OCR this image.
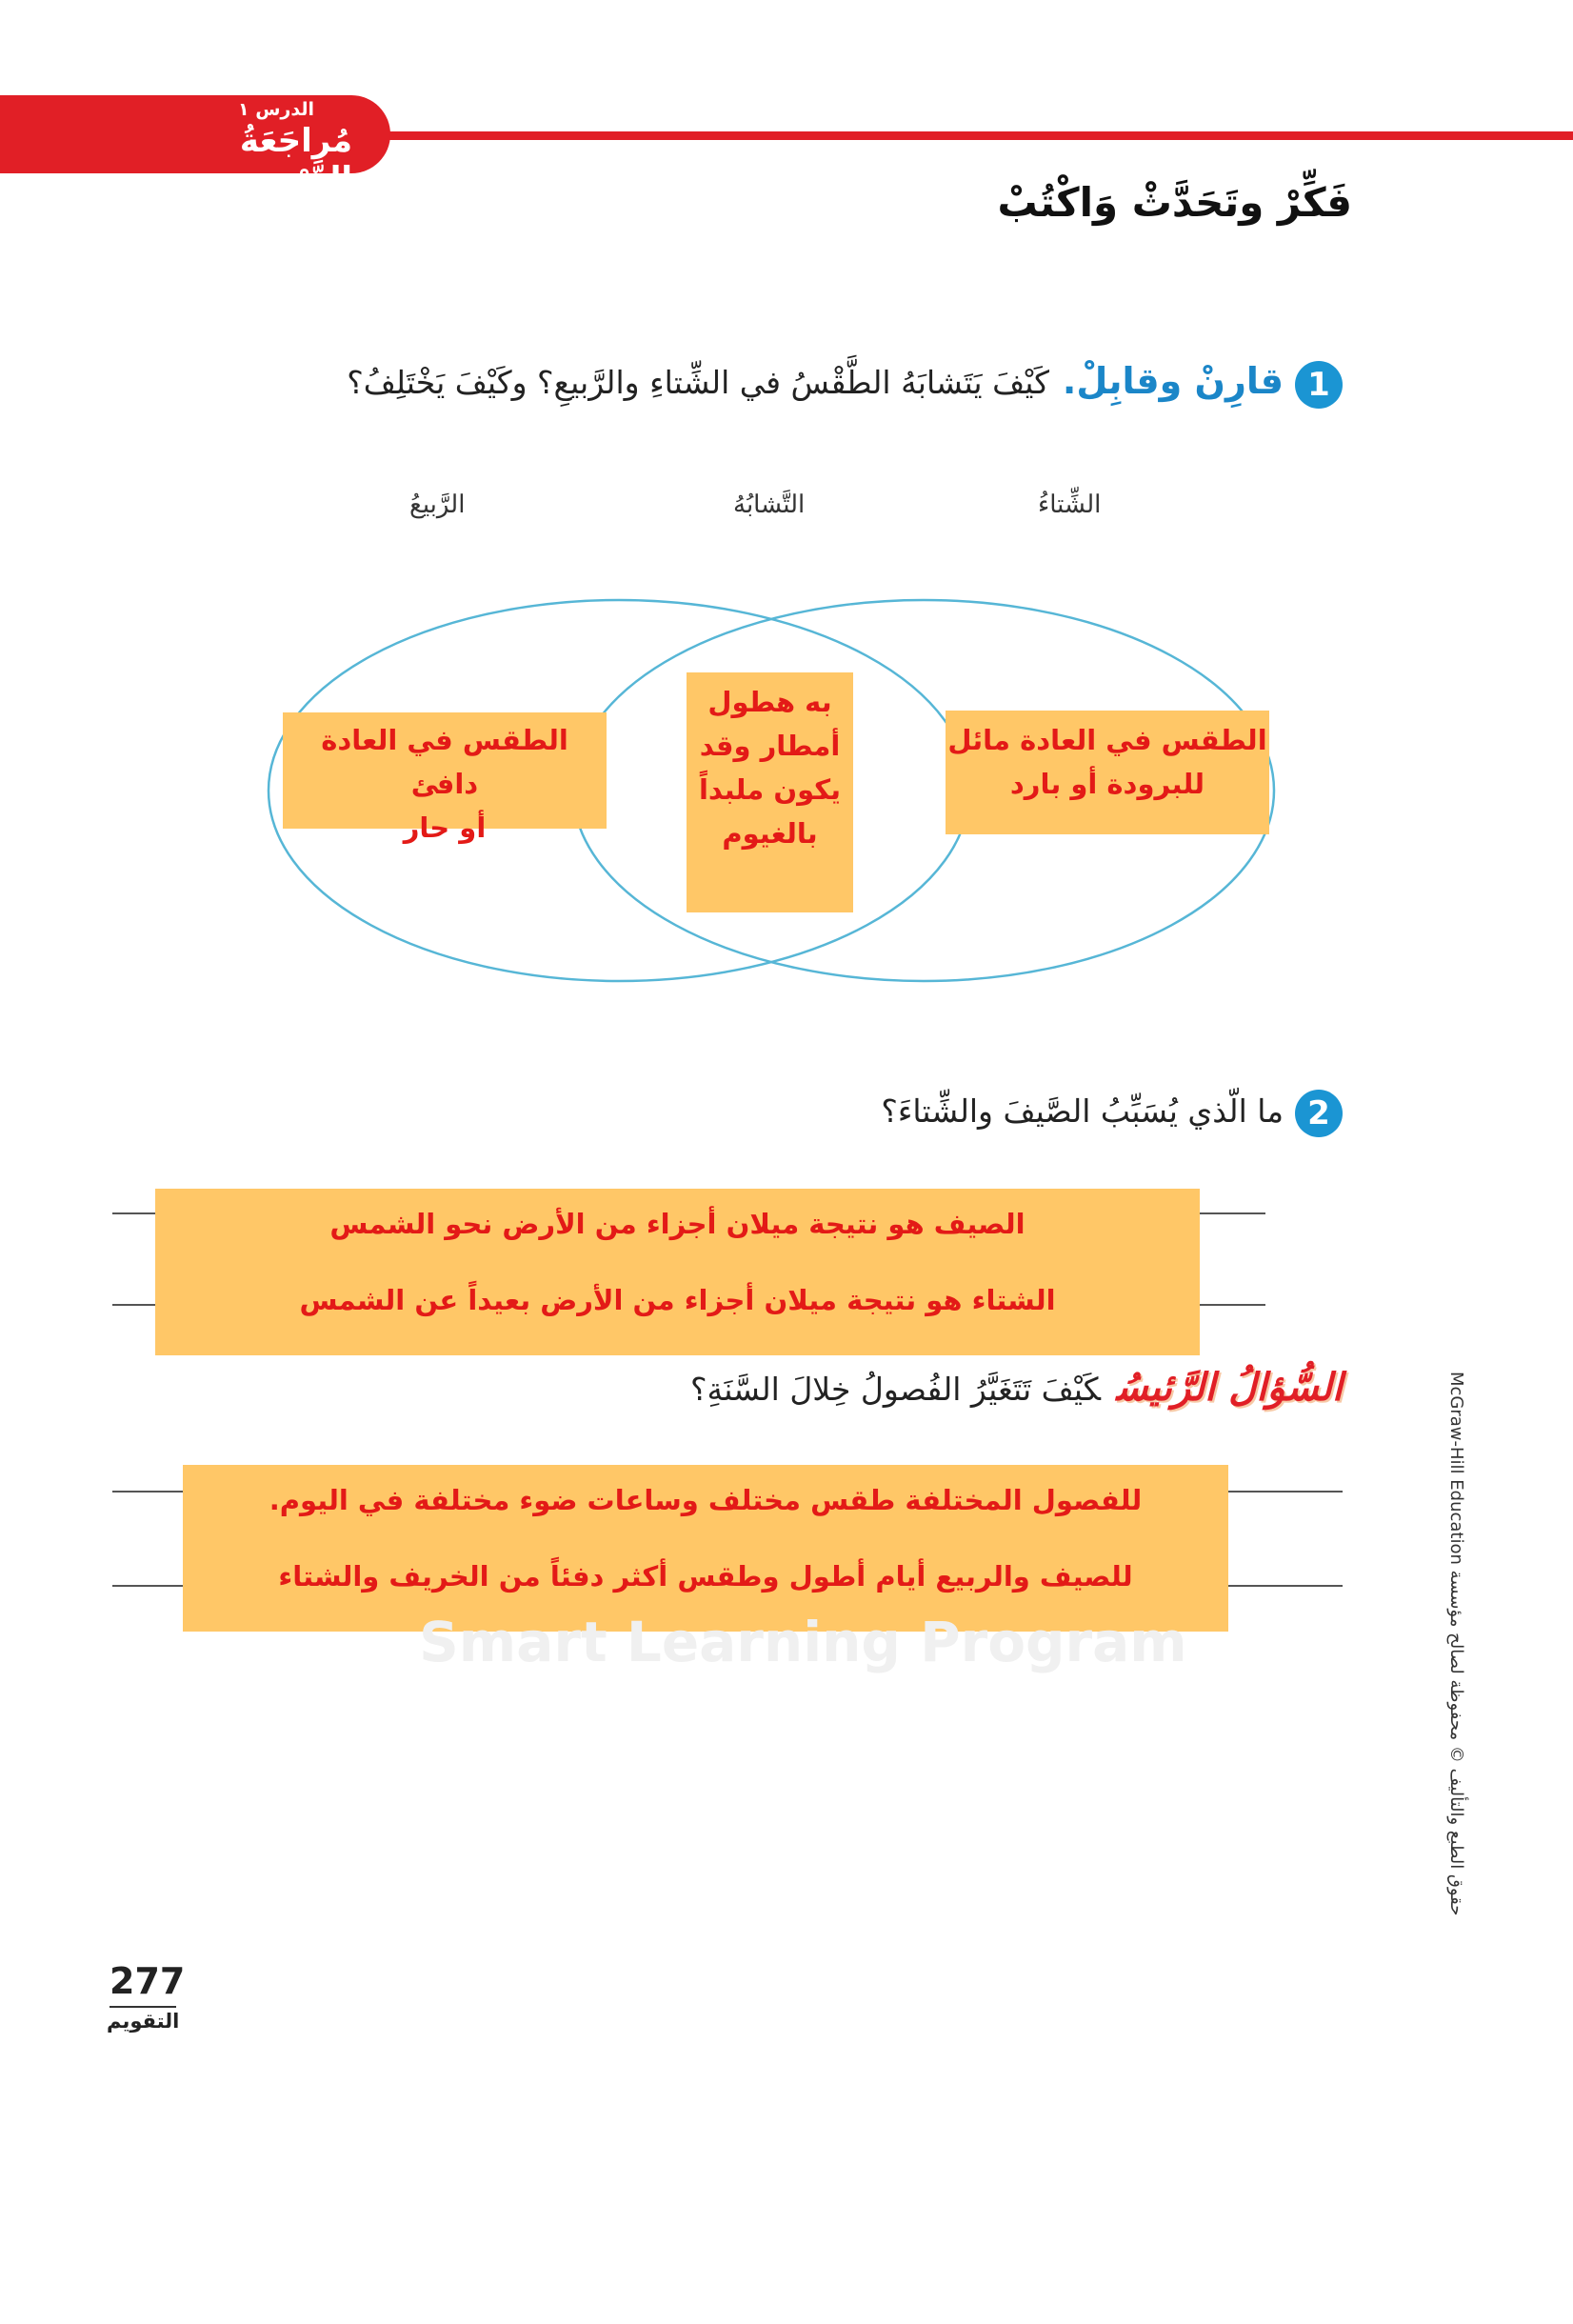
الدرس ١
مُراجَعَةُ الدَّرْسِ	فَكِّرْ وتَحَدَّثْ وَاكْتُبْ
1قارِنْ وقابِلْ.كَيْفَ يَتَشابَهُ الطَّقْسُ في الشِّتاءِ والرَّبيعِ؟ وكَيْفَ يَخْتَلِفُ؟
الشِّتاءُ
التَّشابُهُ
الرَّبيعُ
الطقس في العادة مائل
للبرودة أو بارد
به هطول
أمطار وقد
يكون ملبداً
بالغيوم
الطقس في العادة دافئ
أو حار
2ما الّذي يُسَبِّبُ الصَّيفَ والشِّتاءَ؟
الصيف هو نتيجة ميلان أجزاء من الأرض نحو الشمس
الشتاء هو نتيجة ميلان أجزاء من الأرض بعيداً عن الشمس
السُّؤالُ الرَّئيسُكَيْفَ تَتَغَيَّرُ الفُصولُ خِلالَ السَّنَةِ؟
للفصول المختلفة طقس مختلف وساعات ضوء مختلفة في اليوم.
للصيف والربيع أيام أطول وطقس أكثر دفئاً من الخريف والشتاء
Smart Learning Program
حقوق الطبع والتأليف © محفوظة لصالح مؤسسة McGraw-Hill Education
277
التقويم
